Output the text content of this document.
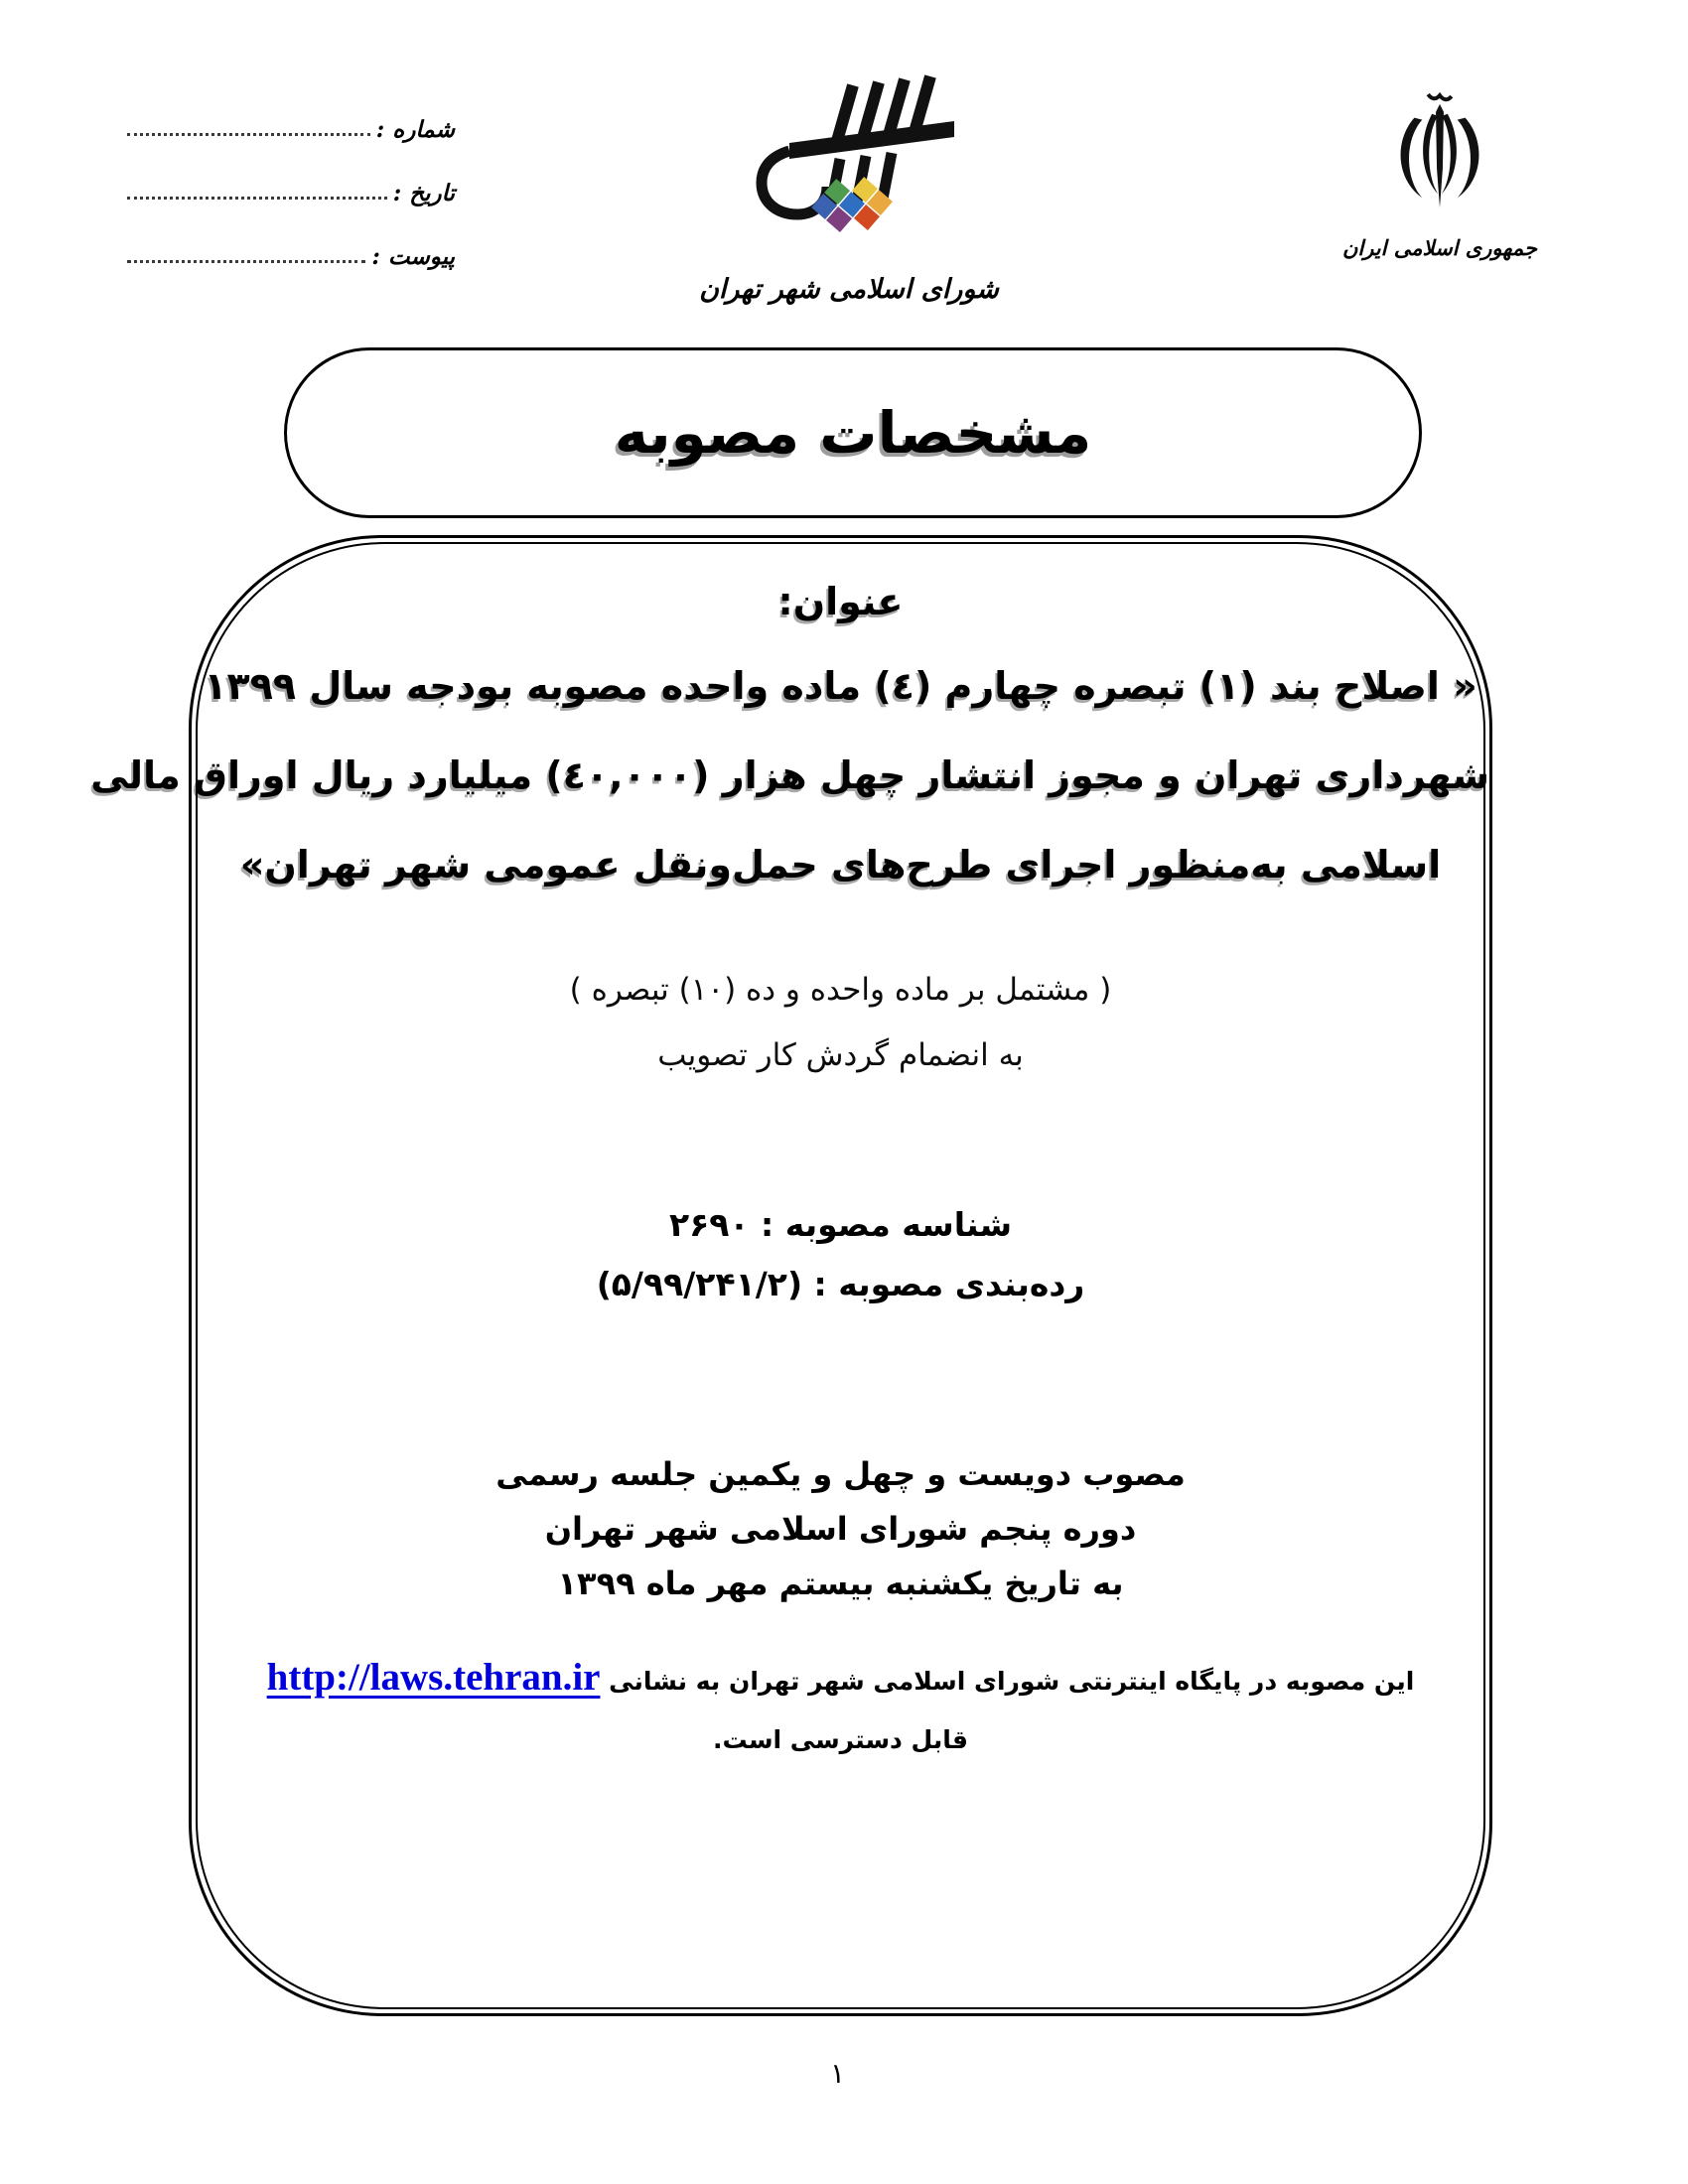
شماره :
تاریخ :
پیوست :
شورای اسلامی شهر تهران
جمهوری اسلامی ایران
مشخصات مصوبه
عنوان:
« اصلاح بند (۱) تبصره چهارم (٤) ماده واحده مصوبه بودجه سال ۱۳۹۹
شهرداری تهران و مجوز انتشار چهل هزار (٤٠,٠٠٠) میلیارد ریال اوراق مالی
اسلامی به‌منظور اجرای طرح‌های حمل‌ونقل عمومی شهر تهران»
( مشتمل بر ماده واحده و ده (۱۰) تبصره )
به انضمام گردش کار تصویب
شناسه مصوبه : ۲۶۹۰
رده‌بندی مصوبه : (۵/۹۹/۲۴۱/۲)
مصوب دویست و چهل و یکمین جلسه رسمی
دوره پنجم شورای اسلامی شهر تهران
به تاریخ یکشنبه بیستم مهر ماه ۱۳۹۹
این مصوبه در پایگاه اینترنتی شورای اسلامی شهر تهران به نشانی http://laws.tehran.ir
قابل دسترسی است.
۱
